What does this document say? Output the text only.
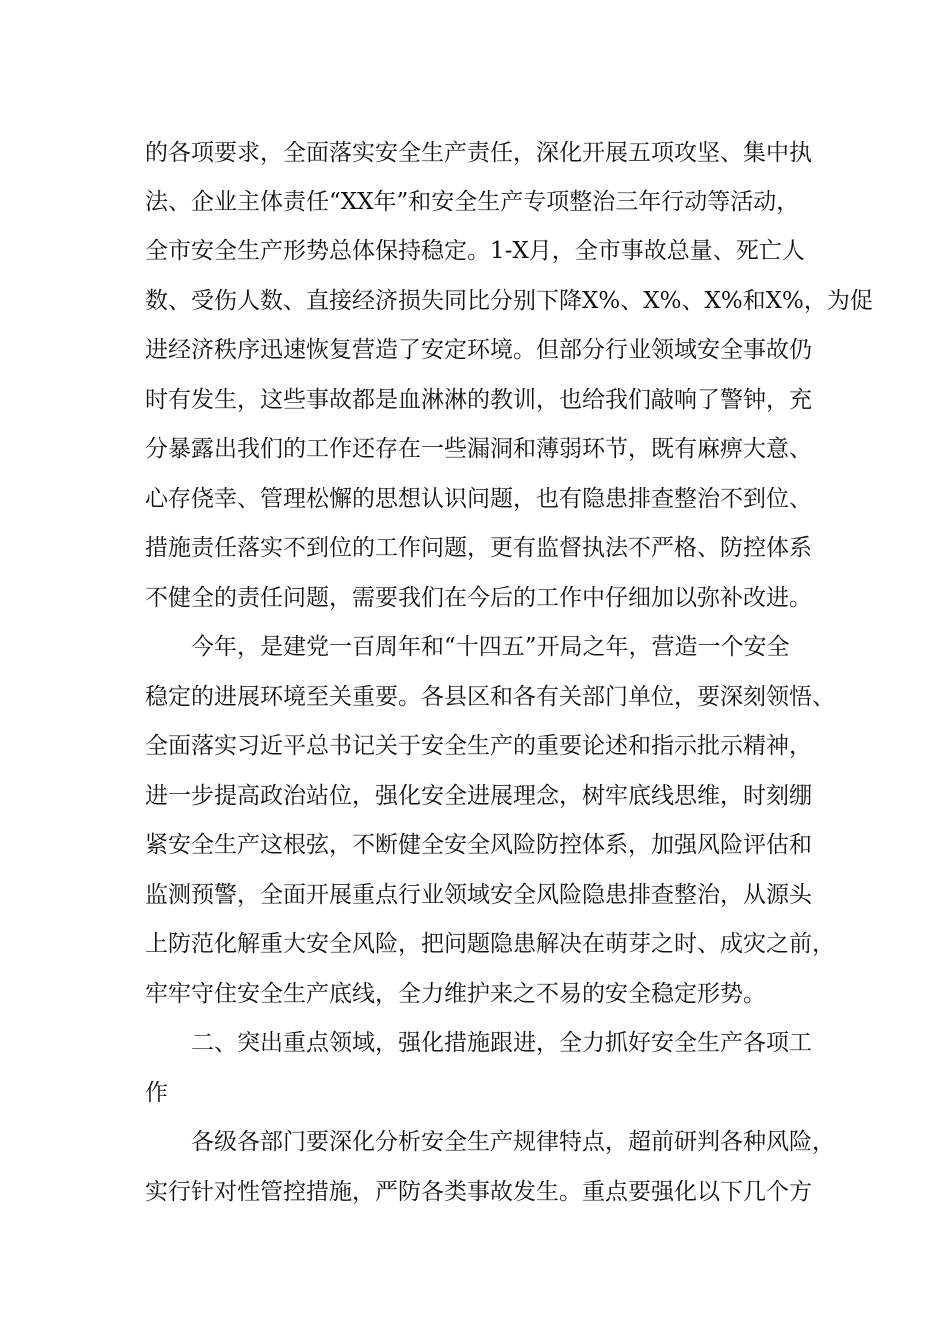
的各项要求，全面落实安全生产责任，深化开展五项攻坚、集中执
法、企业主体责任“XX年”和安全生产专项整治三年行动等活动，
全市安全生产形势总体保持稳定。1-X月，全市事故总量、死亡人
数、受伤人数、直接经济损失同比分别下降X%、X%、X%和X%，为促
进经济秩序迅速恢复营造了安定环境。但部分行业领域安全事故仍
时有发生，这些事故都是血淋淋的教训，也给我们敲响了警钟，充
分暴露出我们的工作还存在一些漏洞和薄弱环节，既有麻痹大意、
心存侥幸、管理松懈的思想认识问题，也有隐患排查整治不到位、
措施责任落实不到位的工作问题，更有监督执法不严格、防控体系
不健全的责任问题，需要我们在今后的工作中仔细加以弥补改进。
今年，是建党一百周年和“十四五”开局之年，营造一个安全
稳定的进展环境至关重要。各县区和各有关部门单位，要深刻领悟、
全面落实习近平总书记关于安全生产的重要论述和指示批示精神，
进一步提高政治站位，强化安全进展理念，树牢底线思维，时刻绷
紧安全生产这根弦，不断健全安全风险防控体系，加强风险评估和
监测预警，全面开展重点行业领域安全风险隐患排查整治，从源头
上防范化解重大安全风险，把问题隐患解决在萌芽之时、成灾之前，
牢牢守住安全生产底线，全力维护来之不易的安全稳定形势。
二、突出重点领域，强化措施跟进，全力抓好安全生产各项工
作
各级各部门要深化分析安全生产规律特点，超前研判各种风险，
实行针对性管控措施，严防各类事故发生。重点要强化以下几个方
